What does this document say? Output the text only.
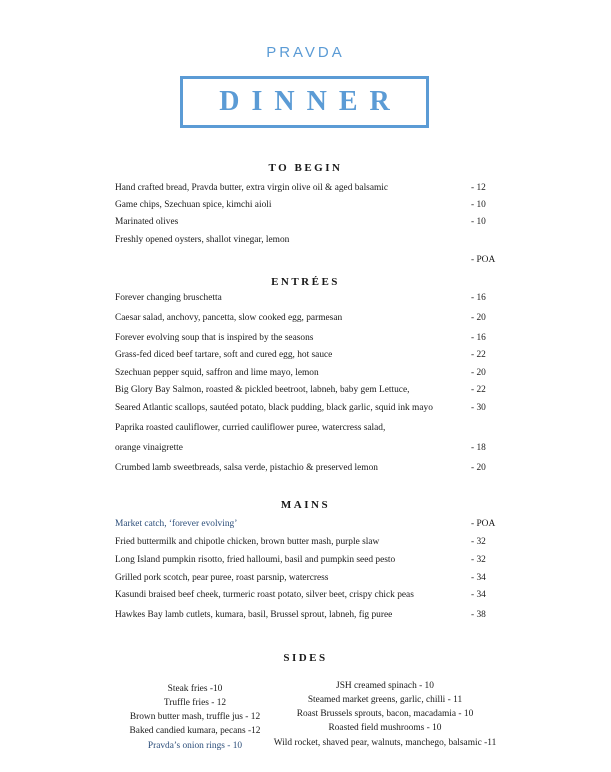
PRAVDA
DINNER
TO BEGIN
Hand crafted bread, Pravda butter, extra virgin olive oil & aged balsamic	- 12
Game chips, Szechuan spice, kimchi aioli	- 10
Marinated olives	- 10
Freshly opened oysters, shallot vinegar, lemon
- POA
ENTRÉES
Forever changing bruschetta	- 16
Caesar salad, anchovy, pancetta, slow cooked egg, parmesan	- 20
Forever evolving soup that is inspired by the seasons	- 16
Grass-fed diced beef tartare, soft and cured egg, hot sauce	- 22
Szechuan pepper squid, saffron and lime mayo, lemon	- 20
Big Glory Bay Salmon, roasted & pickled beetroot, labneh, baby gem Lettuce,	- 22
Seared Atlantic scallops, sautéed potato, black pudding, black garlic, squid ink mayo	- 30
Paprika roasted cauliflower, curried cauliflower puree, watercress salad,
orange vinaigrette	- 18
Crumbed lamb sweetbreads, salsa verde, pistachio & preserved lemon	- 20
MAINS
Market catch, ‘forever evolving’	- POA
Fried buttermilk and chipotle chicken, brown butter mash, purple slaw	- 32
Long Island pumpkin risotto, fried halloumi, basil and pumpkin seed pesto	- 32
Grilled pork scotch, pear puree, roast parsnip, watercress	- 34
Kasundi braised beef cheek, turmeric roast potato, silver beet, crispy chick peas	- 34
Hawkes Bay lamb cutlets, kumara, basil, Brussel sprout, labneh, fig puree	- 38
SIDES
Steak fries -10
Truffle fries - 12
Brown butter mash, truffle jus - 12
Baked candied kumara, pecans -12
Pravda’s onion rings - 10
JSH creamed spinach - 10
Steamed market greens, garlic, chilli - 11
Roast Brussels sprouts, bacon, macadamia - 10
Roasted field mushrooms - 10
Wild rocket, shaved pear, walnuts, manchego, balsamic -11
